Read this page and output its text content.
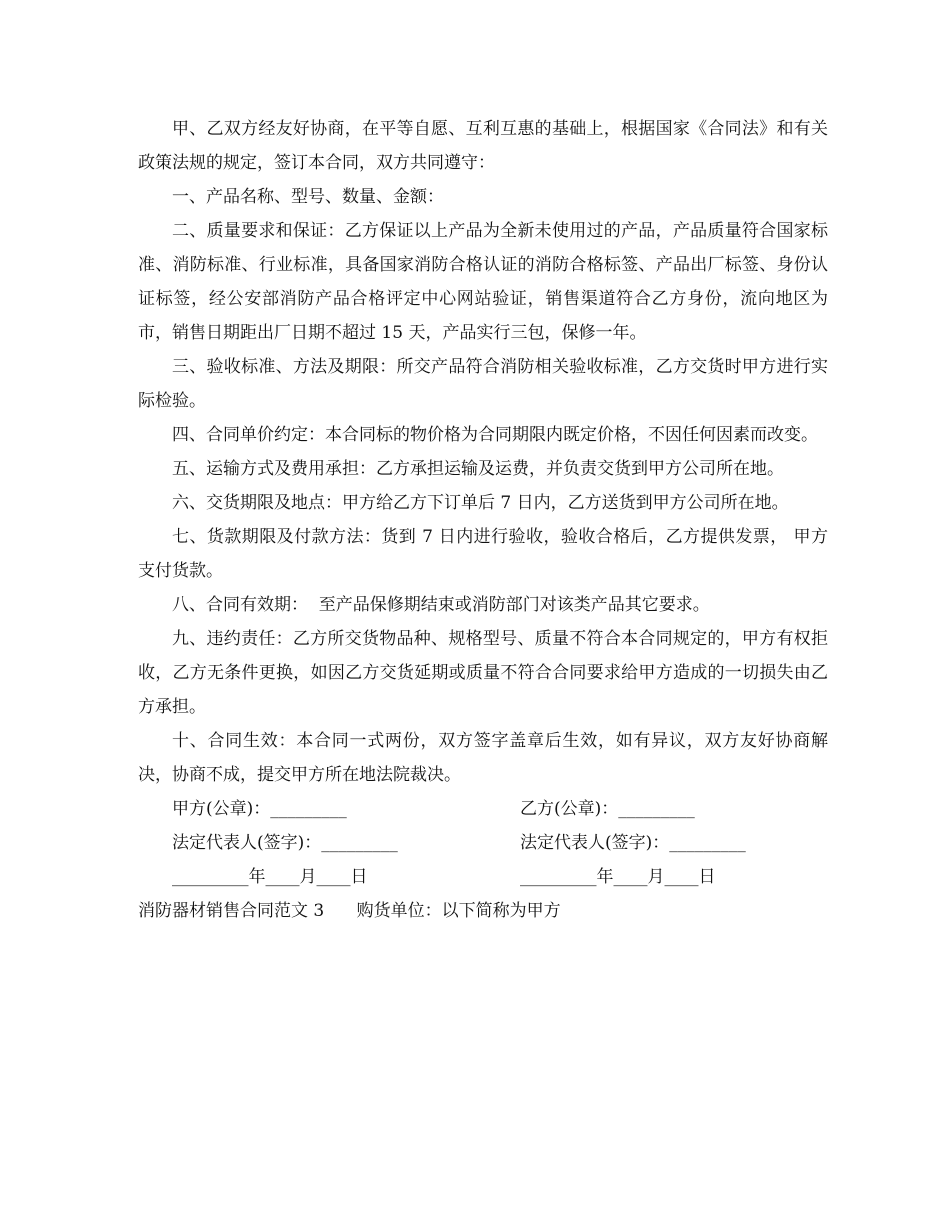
甲、乙双方经友好协商，在平等自愿、互利互惠的基础上，根据国家《合同法》和有关政策法规的规定，签订本合同，双方共同遵守：

一、产品名称、型号、数量、金额：

二、质量要求和保证：乙方保证以上产品为全新未使用过的产品，产品质量符合国家标准、消防标准、行业标准，具备国家消防合格认证的消防合格标签、产品出厂标签、身份认证标签，经公安部消防产品合格评定中心网站验证，销售渠道符合乙方身份，流向地区为 市，销售日期距出厂日期不超过 15 天，产品实行三包，保修一年。

三、验收标准、方法及期限：所交产品符合消防相关验收标准，乙方交货时甲方进行实际检验。

四、合同单价约定：本合同标的物价格为合同期限内既定价格，不因任何因素而改变。

五、运输方式及费用承担：乙方承担运输及运费，并负责交货到甲方公司所在地。

六、交货期限及地点：甲方给乙方下订单后 7 日内，乙方送货到甲方公司所在地。

七、货款期限及付款方法：货到 7 日内进行验收，验收合格后，乙方提供发票， 甲方支付货款。

八、合同有效期：  至产品保修期结束或消防部门对该类产品其它要求。

九、违约责任：乙方所交货物品种、规格型号、质量不符合本合同规定的，甲方有权拒收，乙方无条件更换，如因乙方交货延期或质量不符合合同要求给甲方造成的一切损失由乙方承担。

十、合同生效：本合同一式两份，双方签字盖章后生效，如有异议，双方友好协商解决，协商不成，提交甲方所在地法院裁决。

甲方(公章)：_________

	乙方(公章)：_________

法定代表人(签字)：_________

	法定代表人(签字)：_________

_________年____月____日

	_________年____月____日

消防器材销售合同范文 3      购货单位：以下简称为甲方
